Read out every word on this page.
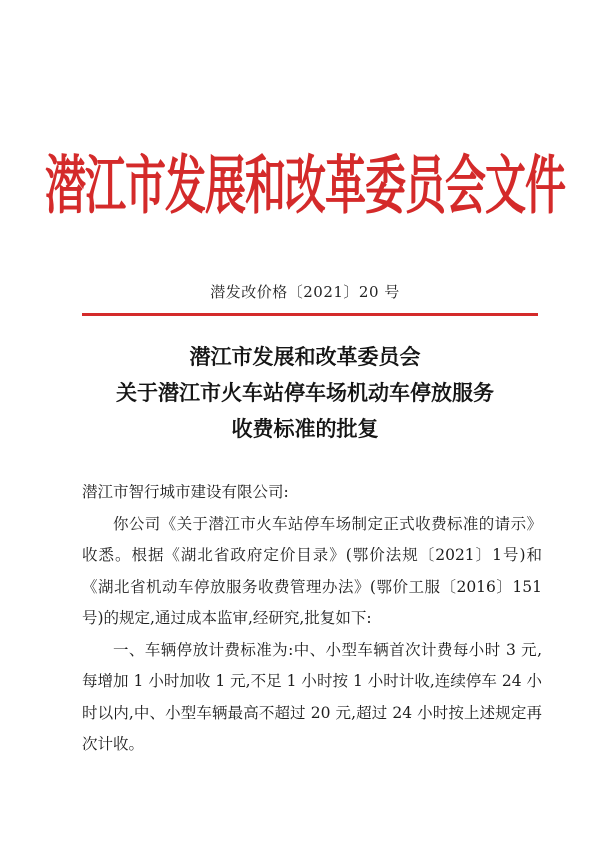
潜江市发展和改革委员会文件
潜发改价格〔2021〕20 号
潜江市发展和改革委员会
关于潜江市火车站停车场机动车停放服务
收费标准的批复
潜江市智行城市建设有限公司:

你公司《关于潜江市火车站停车场制定正式收费标准的请示》收悉。根据《湖北省政府定价目录》(鄂价法规〔2021〕1号)和《湖北省机动车停放服务收费管理办法》(鄂价工服〔2016〕151号)的规定,通过成本监审,经研究,批复如下:

一、车辆停放计费标准为:中、小型车辆首次计费每小时 3 元,每增加 1 小时加收 1 元,不足 1 小时按 1 小时计收,连续停车 24 小时以内,中、小型车辆最高不超过 20 元,超过 24 小时按上述规定再次计收。
